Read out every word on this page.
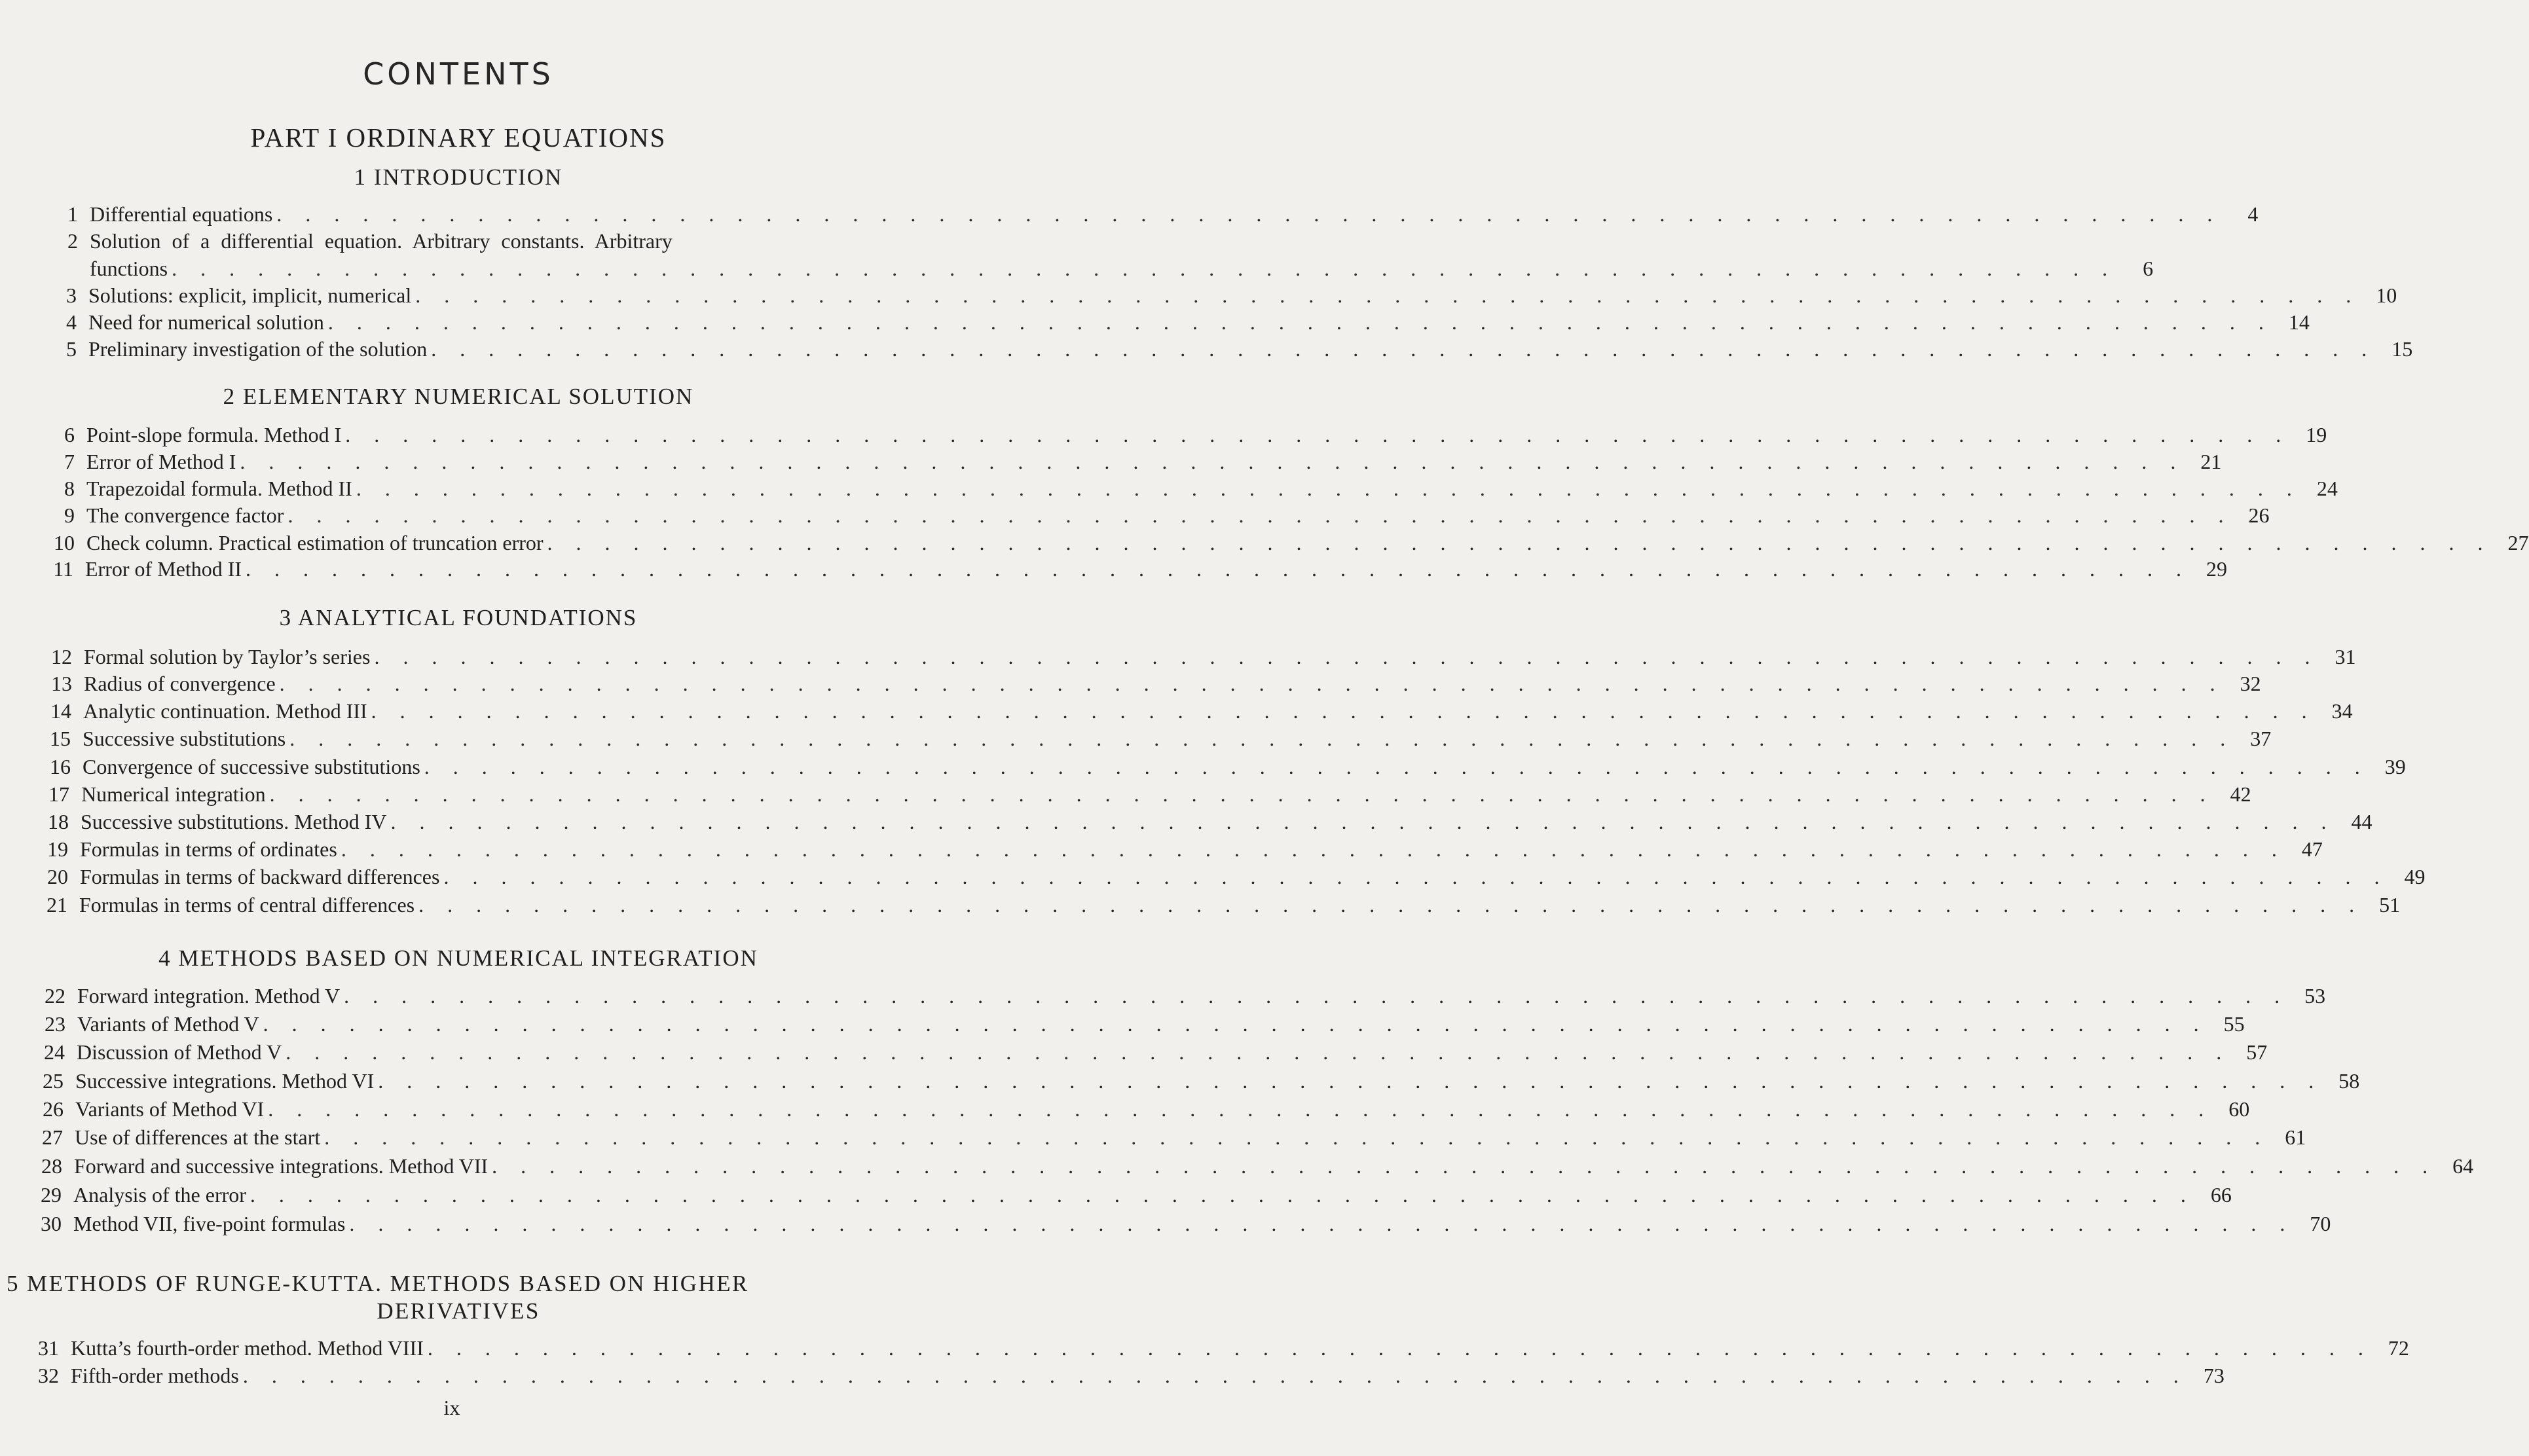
CONTENTS
PART I ORDINARY EQUATIONS
1 INTRODUCTION
2 ELEMENTARY NUMERICAL SOLUTION
3 ANALYTICAL FOUNDATIONS
4 METHODS BASED ON NUMERICAL INTEGRATION
5 METHODS OF RUNGE-KUTTA. METHODS BASED ON HIGHER
DERIVATIVES
1 Differential equations . . . . . . . . . . . . . . . . . . . . . . . . . . . . . . . . . . . . . . . . . . . . . . . . . . . . . . . . . . . . . . . . . . . .	4
2 Solution of a differential equation. Arbitrary constants. Arbitrary
functions . . . . . . . . . . . . . . . . . . . . . . . . . . . . . . . . . . . . . . . . . . . . . . . . . . . . . . . . . . . . . . . . . . . .	6
3 Solutions: explicit, implicit, numerical . . . . . . . . . . . . . . . . . . . . . . . . . . . . . . . . . . . . . . . . . . . . . . . . . . . . . . . . . . . . . . . . . . . . 10
4 Need for numerical solution . . . . . . . . . . . . . . . . . . . . . . . . . . . . . . . . . . . . . . . . . . . . . . . . . . . . . . . . . . . . . . . . . . . . 14
5 Preliminary investigation of the solution . . . . . . . . . . . . . . . . . . . . . . . . . . . . . . . . . . . . . . . . . . . . . . . . . . . . . . . . . . . . . . . . . . . . 15
6 Point-slope formula. Method I . . . . . . . . . . . . . . . . . . . . . . . . . . . . . . . . . . . . . . . . . . . . . . . . . . . . . . . . . . . . . . . . . . . . 19
7 Error of Method I . . . . . . . . . . . . . . . . . . . . . . . . . . . . . . . . . . . . . . . . . . . . . . . . . . . . . . . . . . . . . . . . . . . . 21
8 Trapezoidal formula. Method II . . . . . . . . . . . . . . . . . . . . . . . . . . . . . . . . . . . . . . . . . . . . . . . . . . . . . . . . . . . . . . . . . . . . 24
9 The convergence factor . . . . . . . . . . . . . . . . . . . . . . . . . . . . . . . . . . . . . . . . . . . . . . . . . . . . . . . . . . . . . . . . . . . . 26
10 Check column. Practical estimation of truncation error . . . . . . . . . . . . . . . . . . . . . . . . . . . . . . . . . . . . . . . . . . . . . . . . . . . . . . . . . . . . . . . . . . . . 27
11 Error of Method II . . . . . . . . . . . . . . . . . . . . . . . . . . . . . . . . . . . . . . . . . . . . . . . . . . . . . . . . . . . . . . . . . . . . 29
12 Formal solution by Taylor’s series . . . . . . . . . . . . . . . . . . . . . . . . . . . . . . . . . . . . . . . . . . . . . . . . . . . . . . . . . . . . . . . . . . . . 31
13 Radius of convergence . . . . . . . . . . . . . . . . . . . . . . . . . . . . . . . . . . . . . . . . . . . . . . . . . . . . . . . . . . . . . . . . . . . . 32
14 Analytic continuation. Method III . . . . . . . . . . . . . . . . . . . . . . . . . . . . . . . . . . . . . . . . . . . . . . . . . . . . . . . . . . . . . . . . . . . . 34
15 Successive substitutions . . . . . . . . . . . . . . . . . . . . . . . . . . . . . . . . . . . . . . . . . . . . . . . . . . . . . . . . . . . . . . . . . . . . 37
16 Convergence of successive substitutions . . . . . . . . . . . . . . . . . . . . . . . . . . . . . . . . . . . . . . . . . . . . . . . . . . . . . . . . . . . . . . . . . . . . 39
17 Numerical integration . . . . . . . . . . . . . . . . . . . . . . . . . . . . . . . . . . . . . . . . . . . . . . . . . . . . . . . . . . . . . . . . . . . . 42
18 Successive substitutions. Method IV . . . . . . . . . . . . . . . . . . . . . . . . . . . . . . . . . . . . . . . . . . . . . . . . . . . . . . . . . . . . . . . . . . . . 44
19 Formulas in terms of ordinates . . . . . . . . . . . . . . . . . . . . . . . . . . . . . . . . . . . . . . . . . . . . . . . . . . . . . . . . . . . . . . . . . . . . 47
20 Formulas in terms of backward differences . . . . . . . . . . . . . . . . . . . . . . . . . . . . . . . . . . . . . . . . . . . . . . . . . . . . . . . . . . . . . . . . . . . . 49
21 Formulas in terms of central differences . . . . . . . . . . . . . . . . . . . . . . . . . . . . . . . . . . . . . . . . . . . . . . . . . . . . . . . . . . . . . . . . . . . . 51
22 Forward integration. Method V . . . . . . . . . . . . . . . . . . . . . . . . . . . . . . . . . . . . . . . . . . . . . . . . . . . . . . . . . . . . . . . . . . . . 53
23 Variants of Method V . . . . . . . . . . . . . . . . . . . . . . . . . . . . . . . . . . . . . . . . . . . . . . . . . . . . . . . . . . . . . . . . . . . . 55
24 Discussion of Method V . . . . . . . . . . . . . . . . . . . . . . . . . . . . . . . . . . . . . . . . . . . . . . . . . . . . . . . . . . . . . . . . . . . . 57
25 Successive integrations. Method VI . . . . . . . . . . . . . . . . . . . . . . . . . . . . . . . . . . . . . . . . . . . . . . . . . . . . . . . . . . . . . . . . . . . . 58
26 Variants of Method VI . . . . . . . . . . . . . . . . . . . . . . . . . . . . . . . . . . . . . . . . . . . . . . . . . . . . . . . . . . . . . . . . . . . . 60
27 Use of differences at the start . . . . . . . . . . . . . . . . . . . . . . . . . . . . . . . . . . . . . . . . . . . . . . . . . . . . . . . . . . . . . . . . . . . . 61
28 Forward and successive integrations. Method VII . . . . . . . . . . . . . . . . . . . . . . . . . . . . . . . . . . . . . . . . . . . . . . . . . . . . . . . . . . . . . . . . . . . . 64
29 Analysis of the error . . . . . . . . . . . . . . . . . . . . . . . . . . . . . . . . . . . . . . . . . . . . . . . . . . . . . . . . . . . . . . . . . . . . 66
30 Method VII, five-point formulas . . . . . . . . . . . . . . . . . . . . . . . . . . . . . . . . . . . . . . . . . . . . . . . . . . . . . . . . . . . . . . . . . . . . 70
31 Kutta’s fourth-order method. Method VIII . . . . . . . . . . . . . . . . . . . . . . . . . . . . . . . . . . . . . . . . . . . . . . . . . . . . . . . . . . . . . . . . . . . . 72
32 Fifth-order methods . . . . . . . . . . . . . . . . . . . . . . . . . . . . . . . . . . . . . . . . . . . . . . . . . . . . . . . . . . . . . . . . . . . . 73
ix
